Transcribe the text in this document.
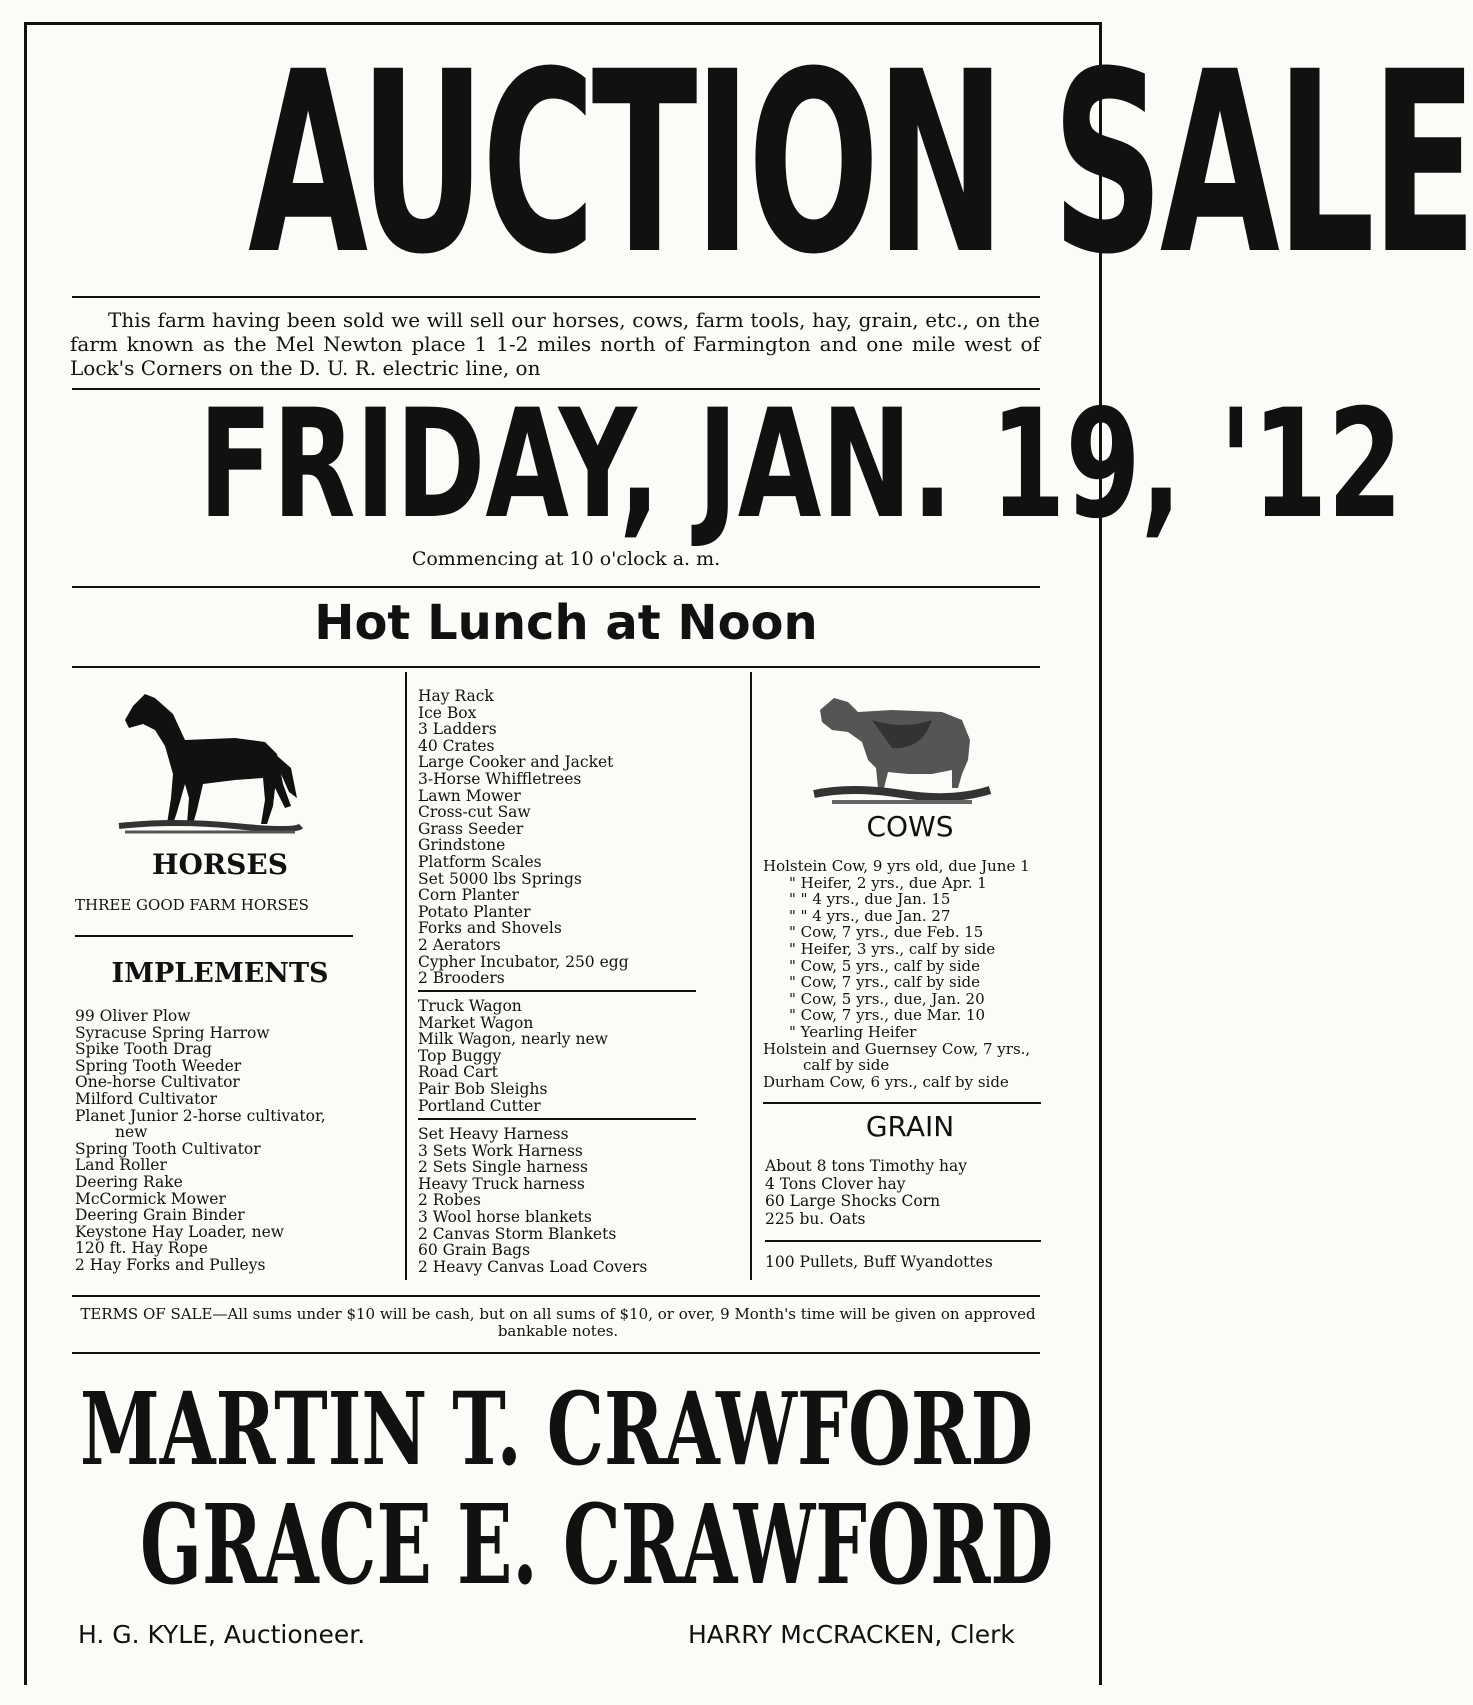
AUCTION SALE

This farm having been sold we will sell our horses, cows, farm tools, hay, grain, etc., on the farm known as the Mel Newton place 1 1-2 miles north of Farmington and one mile west of Lock's Corners on the D. U. R. electric line, on

FRIDAY, JAN. 19, '12
Commencing at 10 o'clock a. m.
Hot Lunch at Noon
HORSES
THREE GOOD FARM HORSES
IMPLEMENTS
99 Oliver Plow
Syracuse Spring Harrow
Spike Tooth Drag
Spring Tooth Weeder
One-horse Cultivator
Milford Cultivator
Planet Junior 2-horse cultivator,
new
Spring Tooth Cultivator
Land Roller
Deering Rake
McCormick Mower
Deering Grain Binder
Keystone Hay Loader, new
120 ft. Hay Rope
2 Hay Forks and Pulleys
Hay Rack
Ice Box
3 Ladders
40 Crates
Large Cooker and Jacket
3-Horse Whiffletrees
Lawn Mower
Cross-cut Saw
Grass Seeder
Grindstone
Platform Scales
Set 5000 lbs Springs
Corn Planter
Potato Planter
Forks and Shovels
2 Aerators
Cypher Incubator, 250 egg
2 Brooders
Truck Wagon
Market Wagon
Milk Wagon, nearly new
Top Buggy
Road Cart
Pair Bob Sleighs
Portland Cutter
Set Heavy Harness
3 Sets Work Harness
2 Sets Single harness
Heavy Truck harness
2 Robes
3 Wool horse blankets
2 Canvas Storm Blankets
60 Grain Bags
2 Heavy Canvas Load Covers
COWS
Holstein Cow, 9 yrs old, due June 1
" Heifer, 2 yrs., due Apr. 1
" " 4 yrs., due Jan. 15
" " 4 yrs., due Jan. 27
" Cow, 7 yrs., due Feb. 15
" Heifer, 3 yrs., calf by side
" Cow, 5 yrs., calf by side
" Cow, 7 yrs., calf by side
" Cow, 5 yrs., due, Jan. 20
" Cow, 7 yrs., due Mar. 10
" Yearling Heifer
Holstein and Guernsey Cow, 7 yrs.,
calf by side
Durham Cow, 6 yrs., calf by side
GRAIN
About 8 tons Timothy hay
4 Tons Clover hay
60 Large Shocks Corn
225 bu. Oats
100 Pullets, Buff Wyandottes
TERMS OF SALE—All sums under $10 will be cash, but on all sums of $10, or over, 9 Month's time will be given on approved bankable notes.
MARTIN T. CRAWFORD
GRACE E. CRAWFORD
H. G. KYLE, Auctioneer.	HARRY McCRACKEN, Clerk
